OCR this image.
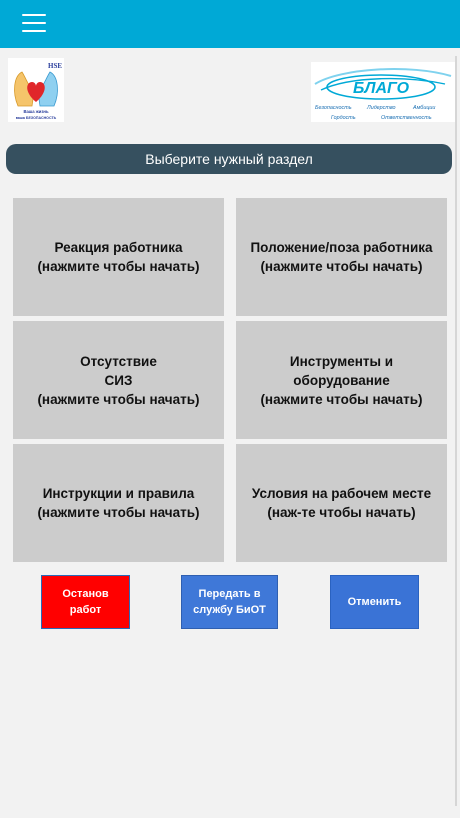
HSE
Ваша жизнь
ваша БЕЗОПАСНОСТЬ
БЛАГО
Безопасность	Лидерство	Амбиции
Гордость	Ответственность
Выберите нужный раздел
Реакция работника
(нажмите чтобы начать)
Положение/поза работника
(нажмите чтобы начать)
Отсутствие
СИЗ
(нажмите чтобы начать)
Инструменты и
оборудование
(нажмите чтобы начать)
Инструкции и правила
(нажмите чтобы начать)
Условия на рабочем месте
(наж-те чтобы начать)
Останов
работ
Передать в
службу БиОТ
Отменить
